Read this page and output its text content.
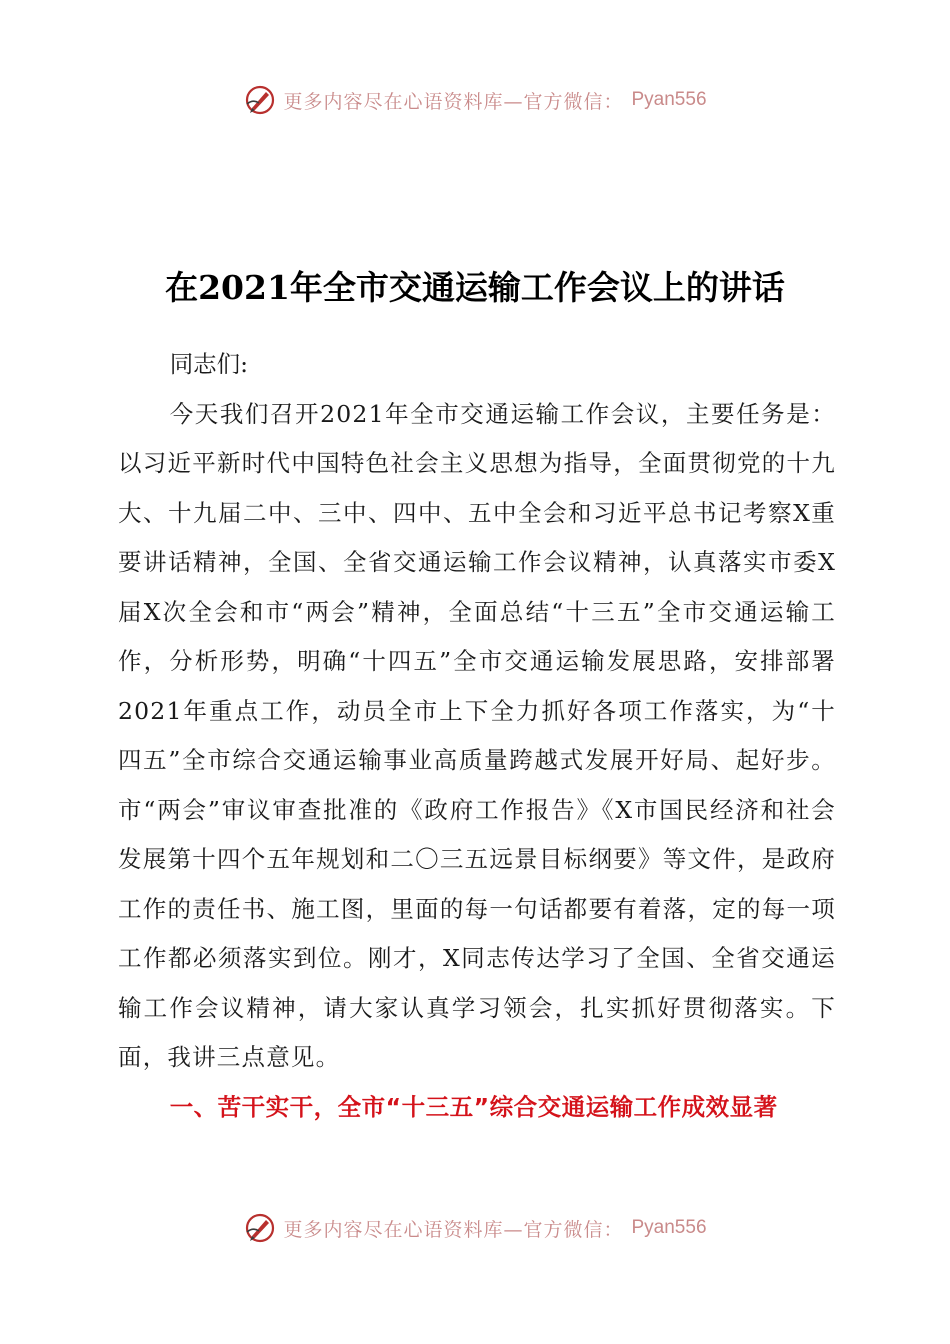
更多内容尽在心语资料库—官方微信： Pyan556
在2021年全市交通运输工作会议上的讲话

同志们:

今天我们召开2021年全市交通运输工作会议，主要任务是：以习近平新时代中国特色社会主义思想为指导，全面贯彻党的十九大、十九届二中、三中、四中、五中全会和习近平总书记考察X重要讲话精神，全国、全省交通运输工作会议精神，认真落实市委X届X次全会和市“两会”精神，全面总结“十三五”全市交通运输工作，分析形势，明确“十四五”全市交通运输发展思路，安排部署2021年重点工作，动员全市上下全力抓好各项工作落实，为“十四五”全市综合交通运输事业高质量跨越式发展开好局、起好步。市“两会”审议审查批准的《政府工作报告》《X市国民经济和社会发展第十四个五年规划和二〇三五远景目标纲要》等文件，是政府工作的责任书、施工图，里面的每一句话都要有着落，定的每一项工作都必须落实到位。刚才，X同志传达学习了全国、全省交通运输工作会议精神，请大家认真学习领会，扎实抓好贯彻落实。下面，我讲三点意见。

一、苦干实干，全市“十三五”综合交通运输工作成效显著

更多内容尽在心语资料库—官方微信： Pyan556
